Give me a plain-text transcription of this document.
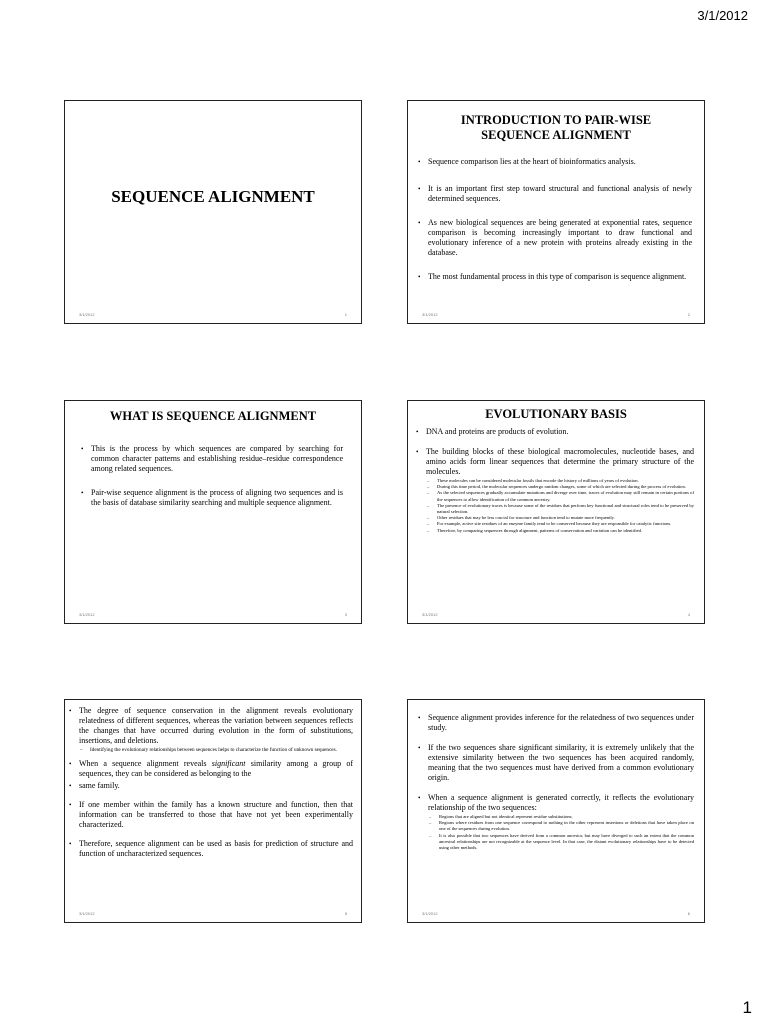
3/1/2012
SEQUENCE ALIGNMENT
3/1/2012	1
INTRODUCTION TO PAIR-WISE SEQUENCE ALIGNMENT
• Sequence comparison lies at the heart of bioinformatics analysis.
• It is an important first step toward structural and functional analysis of newly determined sequences.
• As new biological sequences are being generated at exponential rates, sequence comparison is becoming increasingly important to draw functional and evolutionary inference of a new protein with proteins already existing in the database.
• The most fundamental process in this type of comparison is sequence alignment.
3/1/2012	2
WHAT IS SEQUENCE ALIGNMENT
• This is the process by which sequences are compared by searching for common character patterns and establishing residue–residue correspondence among related sequences.
• Pair-wise sequence alignment is the process of aligning two sequences and is the basis of database similarity searching and multiple sequence alignment.
3/1/2012	3
EVOLUTIONARY BASIS
• DNA and proteins are products of evolution.
• The building blocks of these biological macromolecules, nucleotide bases, and amino acids form linear sequences that determine the primary structure of the molecules.
– These molecules can be considered molecular fossils that encode the history of millions of years of evolution.
– During this time period, the molecular sequences undergo random changes, some of which are selected during the process of evolution.
– As the selected sequences gradually accumulate mutations and diverge over time, traces of evolution may still remain in certain portions of the sequences to allow identification of the common ancestry.
– The presence of evolutionary traces is because some of the residues that perform key functional and structural roles tend to be preserved by natural selection.
– Other residues that may be less crucial for structure and function tend to mutate more frequently.
– For example, active site residues of an enzyme family tend to be conserved because they are responsible for catalytic functions.
– Therefore, by comparing sequences through alignment, patterns of conservation and variation can be identified.
3/1/2012	4
• The degree of sequence conservation in the alignment reveals evolutionary relatedness of different sequences, whereas the variation between sequences reflects the changes that have occurred during evolution in the form of substitutions, insertions, and deletions.
– Identifying the evolutionary relationships between sequences helps to characterize the function of unknown sequences.
• When a sequence alignment reveals significant similarity among a group of sequences, they can be considered as belonging to the
• same family.
• If one member within the family has a known structure and function, then that information can be transferred to those that have not yet been experimentally characterized.
• Therefore, sequence alignment can be used as basis for prediction of structure and function of uncharacterized sequences.
3/1/2012	5
• Sequence alignment provides inference for the relatedness of two sequences under study.
• If the two sequences share significant similarity, it is extremely unlikely that the extensive similarity between the two sequences has been acquired randomly, meaning that the two sequences must have derived from a common evolutionary origin.
• When a sequence alignment is generated correctly, it reflects the evolutionary relationship of the two sequences:
– Regions that are aligned but not identical represent residue substitutions;
– Regions where residues from one sequence correspond to nothing in the other represent insertions or deletions that have taken place on one of the sequences during evolution.
– It is also possible that two sequences have derived from a common ancestor, but may have diverged to such an extent that the common ancestral relationships are not recognizable at the sequence level. In that case, the distant evolutionary relationships have to be detected using other methods.
3/1/2012	6
1
